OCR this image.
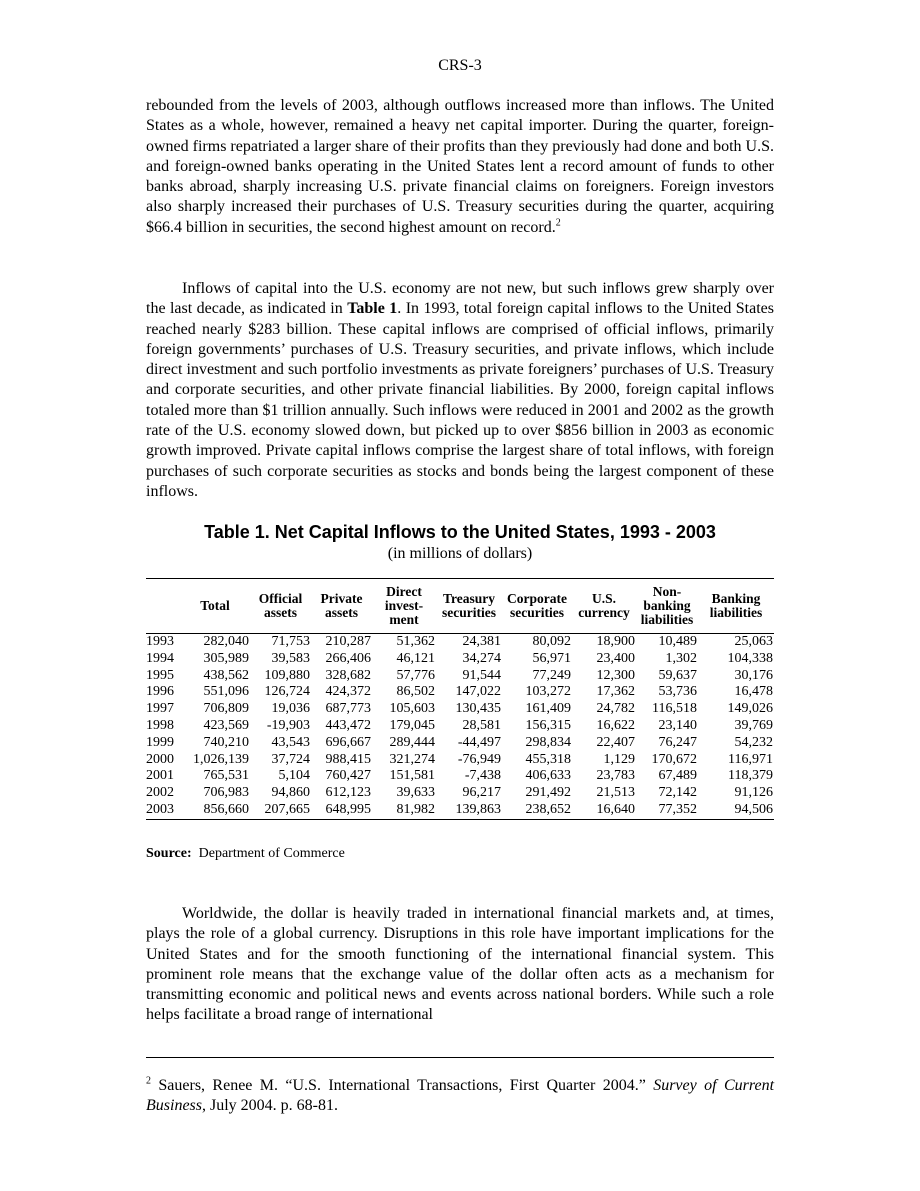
CRS-3

rebounded from the levels of 2003, although outflows increased more than inflows. The United States as a whole, however, remained a heavy net capital importer. During the quarter, foreign-owned firms repatriated a larger share of their profits than they previously had done and both U.S. and foreign-owned banks operating in the United States lent a record amount of funds to other banks abroad, sharply increasing U.S. private financial claims on foreigners. Foreign investors also sharply increased their purchases of U.S. Treasury securities during the quarter, acquiring $66.4 billion in securities, the second highest amount on record.$^2$

Inflows of capital into the U.S. economy are not new, but such inflows grew sharply over the last decade, as indicated in Table 1. In 1993, total foreign capital inflows to the United States reached nearly $283 billion. These capital inflows are comprised of official inflows, primarily foreign governments’ purchases of U.S. Treasury securities, and private inflows, which include direct investment and such portfolio investments as private foreigners’ purchases of U.S. Treasury and corporate securities, and other private financial liabilities. By 2000, foreign capital inflows totaled more than $1 trillion annually. Such inflows were reduced in 2001 and 2002 as the growth rate of the U.S. economy slowed down, but picked up to over $856 billion in 2003 as economic growth improved. Private capital inflows comprise the largest share of total inflows, with foreign purchases of such corporate securities as stocks and bonds being the largest component of these inflows.

Table 1. Net Capital Inflows to the United States, 1993 - 2003
(in millions of dollars)
	Total	Official assets	Private assets	Direct invest-ment	Treasury securities	Corporate securities	U.S. currency	Non-banking liabilities	Banking liabilities
1993	282,040	71,753	210,287	51,362	24,381	80,092	18,900	10,489	25,063
1994	305,989	39,583	266,406	46,121	34,274	56,971	23,400	1,302	104,338
1995	438,562	109,880	328,682	57,776	91,544	77,249	12,300	59,637	30,176
1996	551,096	126,724	424,372	86,502	147,022	103,272	17,362	53,736	16,478
1997	706,809	19,036	687,773	105,603	130,435	161,409	24,782	116,518	149,026
1998	423,569	-19,903	443,472	179,045	28,581	156,315	16,622	23,140	39,769
1999	740,210	43,543	696,667	289,444	-44,497	298,834	22,407	76,247	54,232
2000	1,026,139	37,724	988,415	321,274	-76,949	455,318	1,129	170,672	116,971
2001	765,531	5,104	760,427	151,581	-7,438	406,633	23,783	67,489	118,379
2002	706,983	94,860	612,123	39,633	96,217	291,492	21,513	72,142	91,126
2003	856,660	207,665	648,995	81,982	139,863	238,652	16,640	77,352	94,506
Source: Department of Commerce

Worldwide, the dollar is heavily traded in international financial markets and, at times, plays the role of a global currency. Disruptions in this role have important implications for the United States and for the smooth functioning of the international financial system. This prominent role means that the exchange value of the dollar often acts as a mechanism for transmitting economic and political news and events across national borders. While such a role helps facilitate a broad range of international

$^2$ Sauers, Renee M. “U.S. International Transactions, First Quarter 2004.” Survey of Current Business, July 2004. p. 68-81.
